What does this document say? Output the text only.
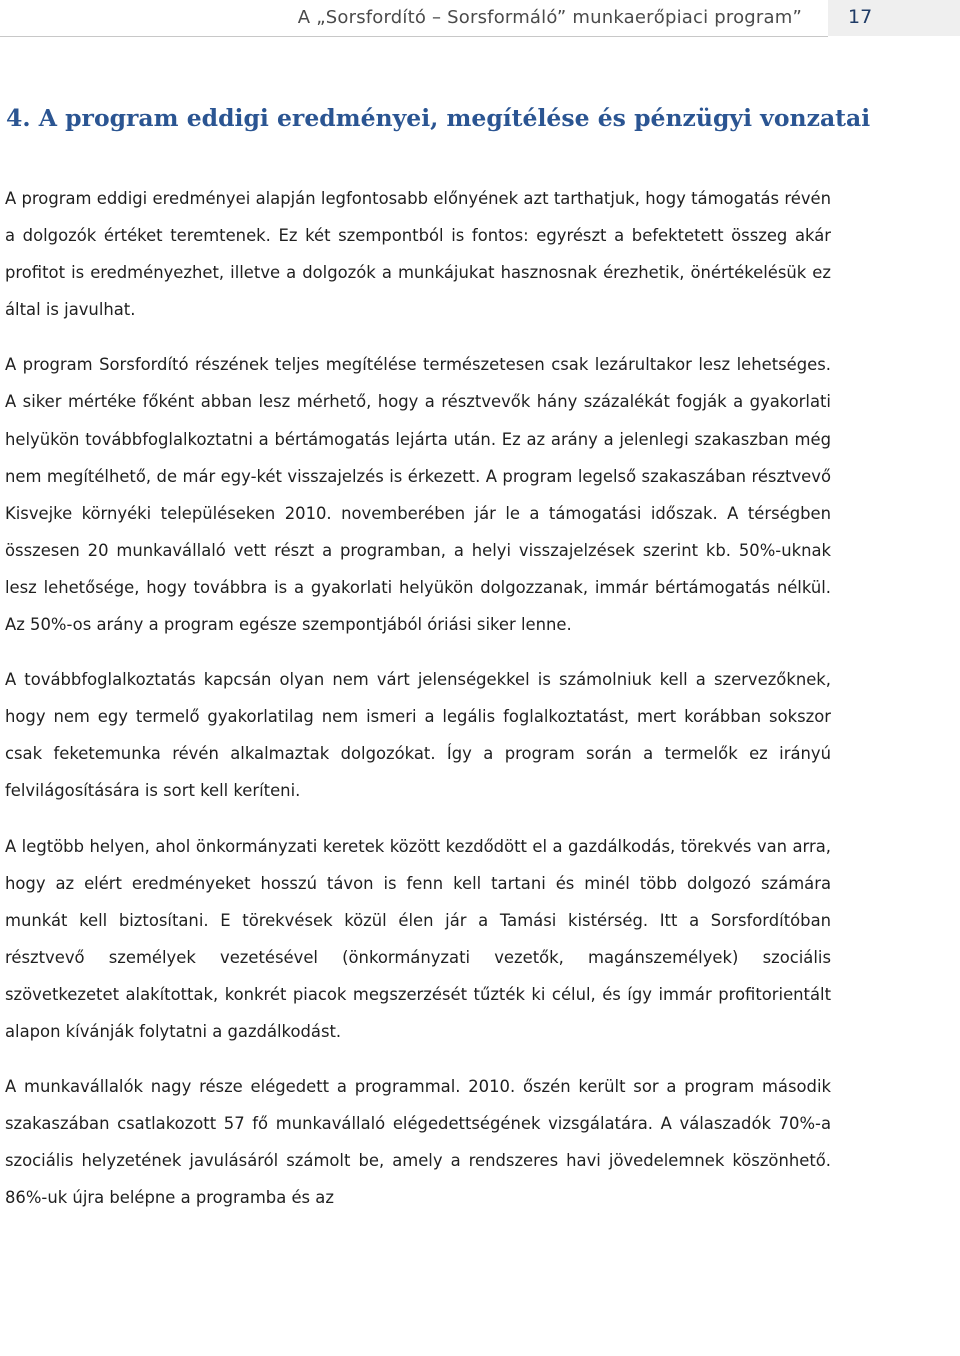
A „Sorsfordító – Sorsformáló” munkaerőpiaci program” 17
4. A program eddigi eredményei, megítélése és pénzügyi vonzatai

A program eddigi eredményei alapján legfontosabb előnyének azt tarthatjuk, hogy támogatás révén a dolgozók értéket teremtenek. Ez két szempontból is fontos: egyrészt a befektetett összeg akár profitot is eredményezhet, illetve a dolgozók a munkájukat hasznosnak érezhetik, önértékelésük ez által is javulhat.

A program Sorsfordító részének teljes megítélése természetesen csak lezárultakor lesz lehetséges. A siker mértéke főként abban lesz mérhető, hogy a résztvevők hány százalékát fogják a gyakorlati helyükön továbbfoglalkoztatni a bértámogatás lejárta után. Ez az arány a jelenlegi szakaszban még nem megítélhető, de már egy-két visszajelzés is érkezett. A program legelső szakaszában résztvevő Kisvejke környéki településeken 2010. novemberében jár le a támogatási időszak. A térségben összesen 20 munkavállaló vett részt a programban, a helyi visszajelzések szerint kb. 50%-uknak lesz lehetősége, hogy továbbra is a gyakorlati helyükön dolgozzanak, immár bértámogatás nélkül. Az 50%-os arány a program egésze szempontjából óriási siker lenne.

A továbbfoglalkoztatás kapcsán olyan nem várt jelenségekkel is számolniuk kell a szervezőknek, hogy nem egy termelő gyakorlatilag nem ismeri a legális foglalkoztatást, mert korábban sokszor csak feketemunka révén alkalmaztak dolgozókat. Így a program során a termelők ez irányú felvilágosítására is sort kell keríteni.

A legtöbb helyen, ahol önkormányzati keretek között kezdődött el a gazdálkodás, törekvés van arra, hogy az elért eredményeket hosszú távon is fenn kell tartani és minél több dolgozó számára munkát kell biztosítani. E törekvések közül élen jár a Tamási kistérség. Itt a Sorsfordítóban résztvevő személyek vezetésével (önkormányzati vezetők, magánszemélyek) szociális szövetkezetet alakítottak, konkrét piacok megszerzését tűzték ki célul, és így immár profitorientált alapon kívánják folytatni a gazdálkodást.

A munkavállalók nagy része elégedett a programmal. 2010. őszén került sor a program második szakaszában csatlakozott 57 fő munkavállaló elégedettségének vizsgálatára. A válaszadók 70%-a szociális helyzetének javulásáról számolt be, amely a rendszeres havi jövedelemnek köszönhető. 86%-uk újra belépne a programba és az
